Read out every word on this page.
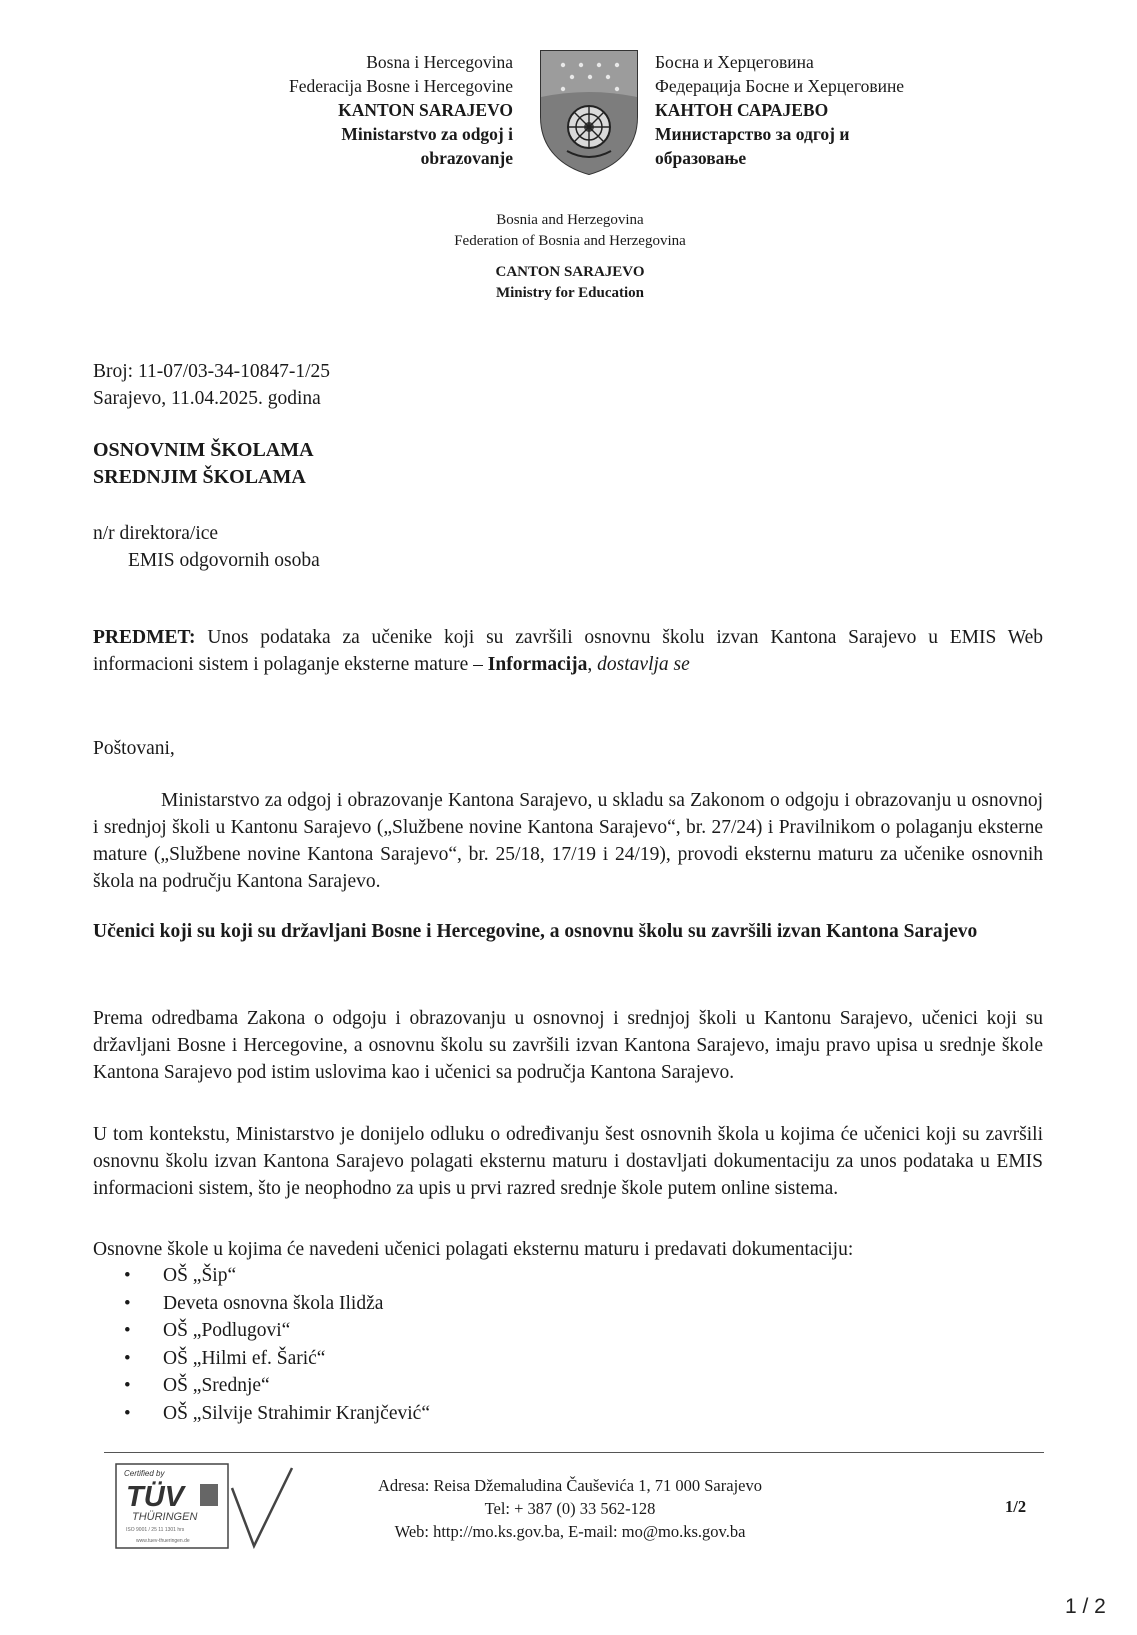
Bosna i Hercegovina
Federacija Bosne i Hercegovine
KANTON SARAJEVO
Ministarstvo za odgoj i
obrazovanje
Босна и Херцеговина
Федерација Босне и Херцеговине
КАНТОН САРАЈЕВО
Министарство за одгој и
образовање
Bosnia and Herzegovina
Federation of Bosnia and Herzegovina
CANTON SARAJEVO
Ministry for Education
Broj: 11-07/03-34-10847-1/25
Sarajevo, 11.04.2025. godina
OSNOVNIM ŠKOLAMA
SREDNJIM ŠKOLAMA
n/r direktora/ice
EMIS odgovornih osoba
PREDMET: Unos podataka za učenike koji su završili osnovnu školu izvan Kantona Sarajevo u EMIS Web informacioni sistem i polaganje eksterne mature – Informacija, dostavlja se
Poštovani,
Ministarstvo za odgoj i obrazovanje Kantona Sarajevo, u skladu sa Zakonom o odgoju i obrazovanju u osnovnoj i srednjoj školi u Kantonu Sarajevo („Službene novine Kantona Sarajevo“, br. 27/24) i Pravilnikom o polaganju eksterne mature („Službene novine Kantona Sarajevo“, br. 25/18, 17/19 i 24/19), provodi eksternu maturu za učenike osnovnih škola na području Kantona Sarajevo.
Učenici koji su koji su državljani Bosne i Hercegovine, a osnovnu školu su završili izvan Kantona Sarajevo
Prema odredbama Zakona o odgoju i obrazovanju u osnovnoj i srednjoj školi u Kantonu Sarajevo, učenici koji su državljani Bosne i Hercegovine, a osnovnu školu su završili izvan Kantona Sarajevo, imaju pravo upisa u srednje škole Kantona Sarajevo pod istim uslovima kao i učenici sa područja Kantona Sarajevo.
U tom kontekstu, Ministarstvo je donijelo odluku o određivanju šest osnovnih škola u kojima će učenici koji su završili osnovnu školu izvan Kantona Sarajevo polagati eksternu maturu i dostavljati dokumentaciju za unos podataka u EMIS informacioni sistem, što je neophodno za upis u prvi razred srednje škole putem online sistema.
Osnovne škole u kojima će navedeni učenici polagati eksternu maturu i predavati dokumentaciju:
• OŠ „Šip“
• Deveta osnovna škola Ilidža
• OŠ „Podlugovi“
• OŠ „Hilmi ef. Šarić“
• OŠ „Srednje“
• OŠ „Silvije Strahimir Kranjčević“
Certified by
TÜV
THÜRINGEN
ISO 9001 / 25 11 1301 hrs
www.tuev-thueringen.de
Adresa: Reisa Džemaludina Čauševića 1, 71 000 Sarajevo
Tel: + 387 (0) 33 562-128
Web: http://mo.ks.gov.ba, E-mail: mo@mo.ks.gov.ba
1/2
1 / 2
